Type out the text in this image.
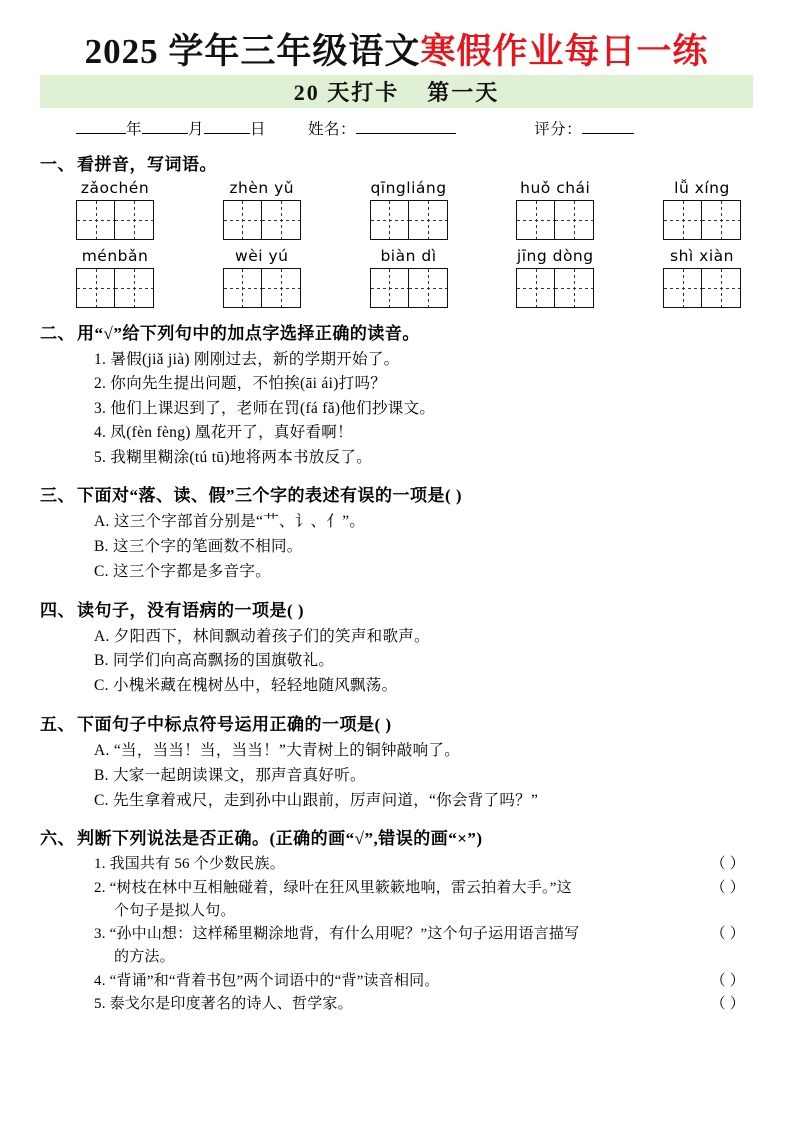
2025 学年三年级语文寒假作业每日一练
20 天打卡 第一天
年	月	日	姓名：	评分：
一、 看拼音，写词语。
zǎochén	zhèn yǔ	qīngliáng	huǒ chái	lǚ xíng
ménbǎn	wèi yú	biàn dì	jīng dòng	shì xiàn
二、 用“√”给下列句中的加点字选择正确的读音。
1. 暑假(jiǎ jià) 刚刚过去，新的学期开始了。
2. 你向先生提出问题，不怕挨(āi ái)打吗？
3. 他们上课迟到了，老师在罚(fá fǎ)他们抄课文。
4. 凤(fèn fèng) 凰花开了，真好看啊！
5. 我糊里糊涂(tú tū)地将两本书放反了。
三、 下面对“落、读、假”三个字的表述有误的一项是( )
A. 这三个字部首分别是“艹、讠、亻”。
B. 这三个字的笔画数不相同。
C. 这三个字都是多音字。
四、 读句子，没有语病的一项是( )
A. 夕阳西下，林间飘动着孩子们的笑声和歌声。
B. 同学们向高高飘扬的国旗敬礼。
C. 小槐米藏在槐树丛中，轻轻地随风飘荡。
五、 下面句子中标点符号运用正确的一项是( )
A. “当，当当！当，当当！”大青树上的铜钟敲响了。
B. 大家一起朗读课文，那声音真好听。
C. 先生拿着戒尺，走到孙中山跟前，厉声问道，“你会背了吗？”
六、 判断下列说法是否正确。(正确的画“√”,错误的画“×”)
1. 我国共有 56 个少数民族。	（ ）
2. “树枝在林中互相触碰着，绿叶在狂风里簌簌地响，雷云拍着大手。”这	（ ）
个句子是拟人句。
3. “孙中山想：这样稀里糊涂地背，有什么用呢？”这个句子运用语言描写	（ ）
的方法。
4. “背诵”和“背着书包”两个词语中的“背”读音相同。	（ ）
5. 泰戈尔是印度著名的诗人、哲学家。	（ ）
